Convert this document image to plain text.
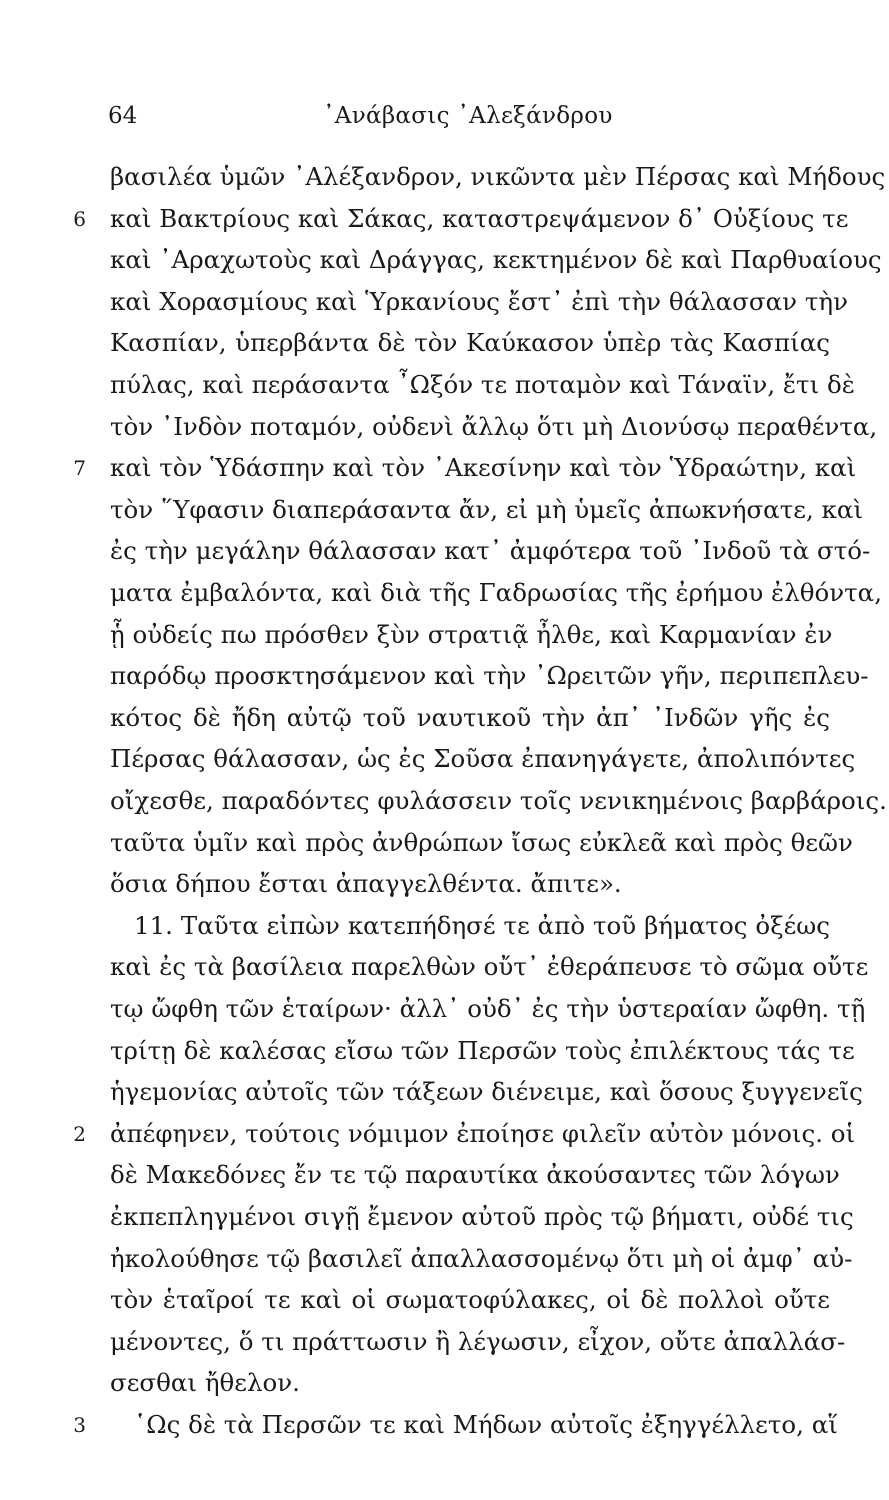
64	᾿Ανάβασις ᾿Αλεξάνδρου
βασιλέα ὑμῶν ᾿Αλέξανδρον, νικῶντα μὲν Πέρσας καὶ Μήδους
καὶ Βακτρίους καὶ Σάκας, καταστρεψάμενον δ᾿ Οὐξίους τε
6
καὶ ᾿Αραχωτοὺς καὶ Δράγγας, κεκτημένον δὲ καὶ Παρθυαίους
καὶ Χορασμίους καὶ Ὑρκανίους ἔστ᾿ ἐπὶ τὴν θάλασσαν τὴν
Κασπίαν, ὑπερβάντα δὲ τὸν Καύκασον ὑπὲρ τὰς Κασπίας
πύλας, καὶ περάσαντα ῏Ωξόν τε ποταμὸν καὶ Τάναϊν, ἔτι δὲ
τὸν ᾿Ινδὸν ποταμόν, οὐδενὶ ἄλλῳ ὅτι μὴ Διονύσῳ περαθέντα,
καὶ τὸν Ὑδάσπην καὶ τὸν ᾿Ακεσίνην καὶ τὸν Ὑδραώτην, καὶ
7
τὸν ῞Υφασιν διαπεράσαντα ἄν, εἰ μὴ ὑμεῖς ἀπωκνήσατε, καὶ
ἐς τὴν μεγάλην θάλασσαν κατ᾿ ἀμφότερα τοῦ ᾿Ινδοῦ τὰ στό-
ματα ἐμβαλόντα, καὶ διὰ τῆς Γαδρωσίας τῆς ἐρήμου ἐλθόντα,
ᾗ οὐδείς πω πρόσθεν ξὺν στρατιᾷ ἦλθε, καὶ Καρμανίαν ἐν
παρόδῳ προσκτησάμενον καὶ τὴν ᾿Ωρειτῶν γῆν, περιπεπλευ-
κότος δὲ ἤδη αὐτῷ τοῦ ναυτικοῦ τὴν ἀπ᾿ ᾿Ινδῶν γῆς ἐς
Πέρσας θάλασσαν, ὡς ἐς Σοῦσα ἐπανηγάγετε, ἀπολιπόντες
οἴχεσθε, παραδόντες φυλάσσειν τοῖς νενικημένοις βαρβάροις.
ταῦτα ὑμῖν καὶ πρὸς ἀνθρώπων ἴσως εὐκλεᾶ καὶ πρὸς θεῶν
ὅσια δήπου ἔσται ἀπαγγελθέντα. ἄπιτε».
11. Ταῦτα εἰπὼν κατεπήδησέ τε ἀπὸ τοῦ βήματος ὀξέως
καὶ ἐς τὰ βασίλεια παρελθὼν οὔτ᾿ ἐθεράπευσε τὸ σῶμα οὔτε
τῳ ὤφθη τῶν ἑταίρων· ἀλλ᾿ οὐδ᾿ ἐς τὴν ὑστεραίαν ὤφθη. τῇ
τρίτῃ δὲ καλέσας εἴσω τῶν Περσῶν τοὺς ἐπιλέκτους τάς τε
ἡγεμονίας αὐτοῖς τῶν τάξεων διένειμε, καὶ ὅσους ξυγγενεῖς
ἀπέφηνεν, τούτοις νόμιμον ἐποίησε φιλεῖν αὐτὸν μόνοις. οἱ
2
δὲ Μακεδόνες ἔν τε τῷ παραυτίκα ἀκούσαντες τῶν λόγων
ἐκπεπληγμένοι σιγῇ ἔμενον αὐτοῦ πρὸς τῷ βήματι, οὐδέ τις
ἠκολούθησε τῷ βασιλεῖ ἀπαλλασσομένῳ ὅτι μὴ οἱ ἀμφ᾿ αὐ-
τὸν ἑταῖροί τε καὶ οἱ σωματοφύλακες, οἱ δὲ πολλοὶ οὔτε
μένοντες, ὅ τι πράττωσιν ἢ λέγωσιν, εἶχον, οὔτε ἀπαλλάσ-
σεσθαι ἤθελον.
῾Ως δὲ τὰ Περσῶν τε καὶ Μήδων αὐτοῖς ἐξηγγέλλετο, αἵ
3
